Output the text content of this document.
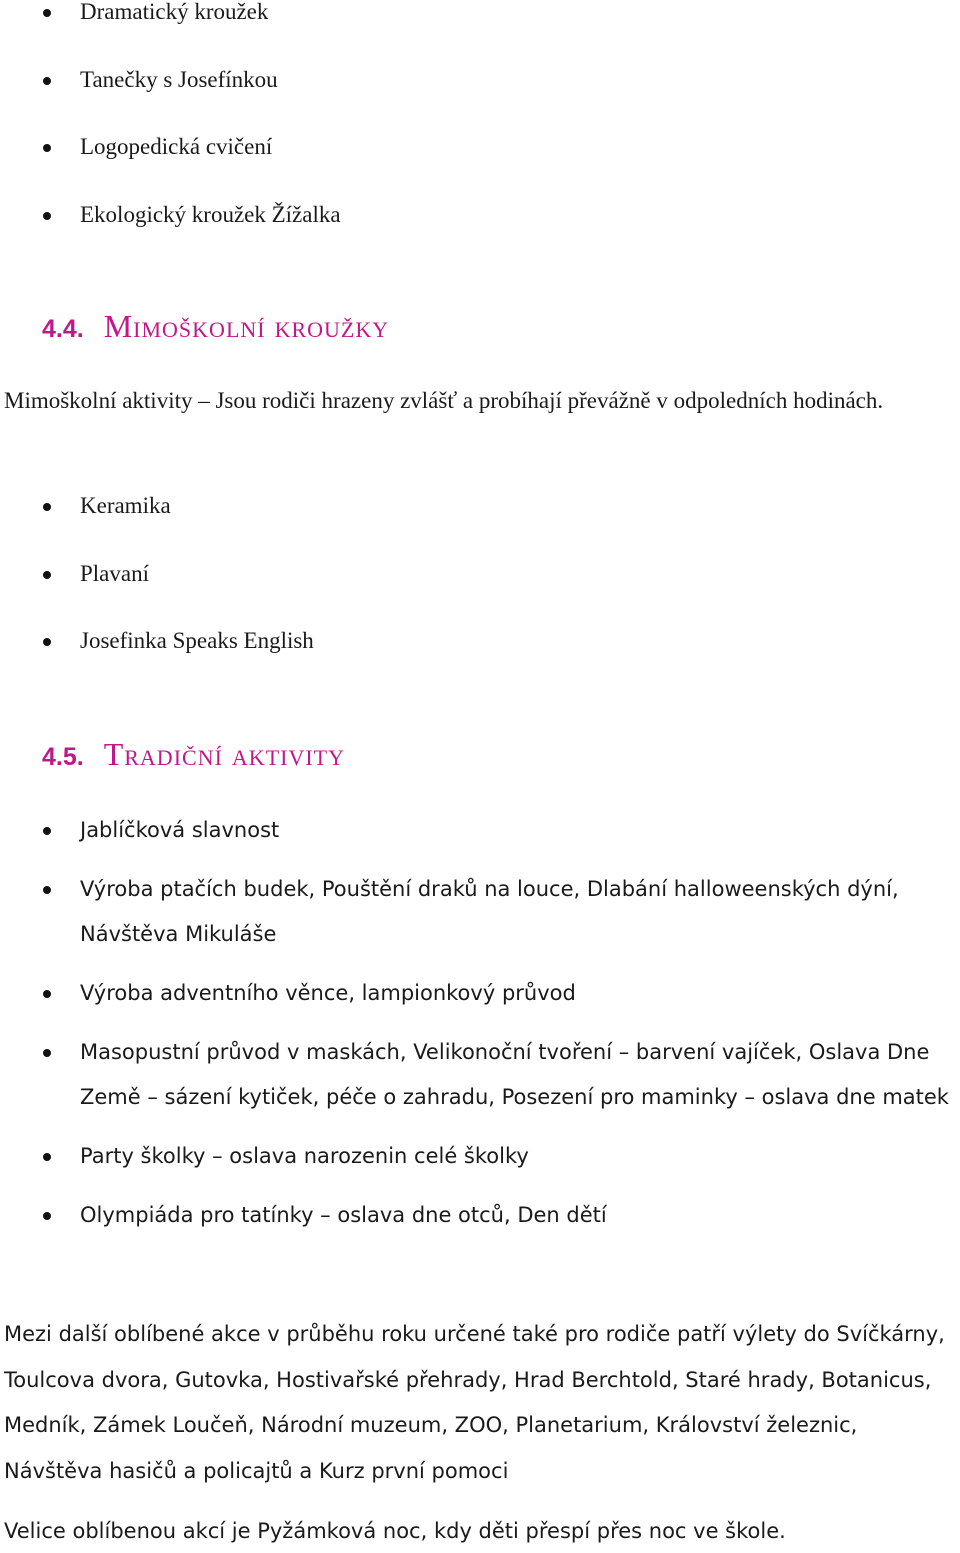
Dramatický kroužek
Tanečky s Josefínkou
Logopedická cvičení
Ekologický kroužek Žížalka
4.4. Mimoškolní kroužky
Mimoškolní aktivity – Jsou rodiči hrazeny zvlášť a probíhají převážně v odpoledních hodinách.
Keramika
Plavaní
Josefinka Speaks English
4.5. Tradiční aktivity
Jablíčková slavnost
Výroba ptačích budek, Pouštění draků na louce, Dlabání halloweenských dýní, Návštěva Mikuláše
Výroba adventního věnce, lampionkový průvod
Masopustní průvod v maskách, Velikonoční tvoření – barvení vajíček, Oslava Dne Země – sázení kytiček, péče o zahradu, Posezení pro maminky – oslava dne matek
Party školky – oslava narozenin celé školky
Olympiáda pro tatínky – oslava dne otců, Den dětí
Mezi další oblíbené akce v průběhu roku určené také pro rodiče patří výlety do Svíčkárny, Toulcova dvora, Gutovka, Hostivařské přehrady, Hrad Berchtold, Staré hrady, Botanicus, Medník, Zámek Loučeň, Národní muzeum, ZOO, Planetarium, Království železnic, Návštěva hasičů a policajtů a Kurz první pomoci
Velice oblíbenou akcí je Pyžámková noc, kdy děti přespí přes noc ve škole.
